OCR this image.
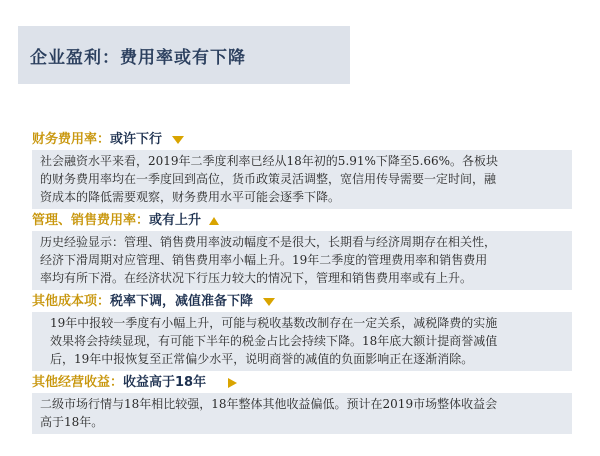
企业盈利：费用率或有下降
财务费用率：或许下行
社会融资水平来看，2019年二季度利率已经从18年初的5.91%下降至5.66%。各板块
的财务费用率均在一季度回到高位，货币政策灵活调整，宽信用传导需要一定时间，融
资成本的降低需要观察，财务费用水平可能会逐季下降。
管理、销售费用率：或有上升
历史经验显示：管理、销售费用率波动幅度不是很大，长期看与经济周期存在相关性，
经济下滑周期对应管理、销售费用率小幅上升。19年二季度的管理费用率和销售费用
率均有所下滑。在经济状况下行压力较大的情况下，管理和销售费用率或有上升。
其他成本项：税率下调，减值准备下降
19年中报较一季度有小幅上升，可能与税收基数改制存在一定关系，减税降费的实施
效果将会持续显现，有可能下半年的税金占比会持续下降。18年底大额计提商誉减值
后，19年中报恢复至正常偏少水平，说明商誉的减值的负面影响正在逐渐消除。
其他经营收益：收益高于18年
二级市场行情与18年相比较强，18年整体其他收益偏低。预计在2019市场整体收益会
高于18年。
